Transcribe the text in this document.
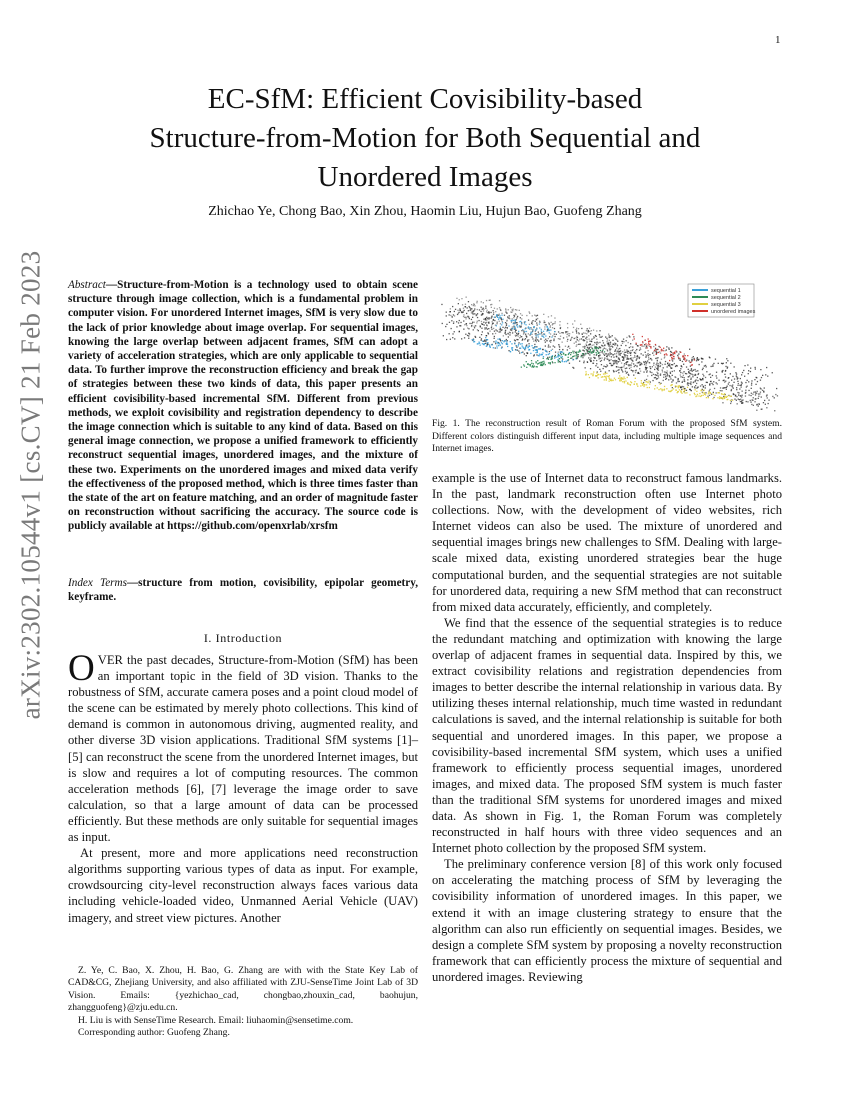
1
arXiv:2302.10544v1 [cs.CV] 21 Feb 2023
EC-SfM: Efficient Covisibility-based
Structure-from-Motion for Both Sequential and
Unordered Images
Zhichao Ye, Chong Bao, Xin Zhou, Haomin Liu, Hujun Bao, Guofeng Zhang
Abstract—Structure-from-Motion is a technology used to obtain scene structure through image collection, which is a fundamental problem in computer vision. For unordered Internet images, SfM is very slow due to the lack of prior knowledge about image overlap. For sequential images, knowing the large overlap between adjacent frames, SfM can adopt a variety of acceleration strategies, which are only applicable to sequential data. To further improve the reconstruction efficiency and break the gap of strategies between these two kinds of data, this paper presents an efficient covisibility-based incremental SfM. Different from previous methods, we exploit covisibility and registration dependency to describe the image connection which is suitable to any kind of data. Based on this general image connection, we propose a unified framework to efficiently reconstruct sequential images, unordered images, and the mixture of these two. Experiments on the unordered images and mixed data verify the effectiveness of the proposed method, which is three times faster than the state of the art on feature matching, and an order of magnitude faster on reconstruction without sacrificing the accuracy. The source code is publicly available at https://github.com/openxrlab/xrsfm
Index Terms—structure from motion, covisibility, epipolar geometry, keyframe.
I. Introduction

OVER the past decades, Structure-from-Motion (SfM) has been an important topic in the field of 3D vision. Thanks to the robustness of SfM, accurate camera poses and a point cloud model of the scene can be estimated by merely photo collections. This kind of demand is common in autonomous driving, augmented reality, and other diverse 3D vision applications. Traditional SfM systems [1]–[5] can reconstruct the scene from the unordered Internet images, but is slow and requires a lot of computing resources. The common acceleration methods [6], [7] leverage the image order to save calculation, so that a large amount of data can be processed efficiently. But these methods are only suitable for sequential images as input.

At present, more and more applications need reconstruction algorithms supporting various types of data as input. For example, crowdsourcing city-level reconstruction always faces various data including vehicle-loaded video, Unmanned Aerial Vehicle (UAV) imagery, and street view pictures. Another

Z. Ye, C. Bao, X. Zhou, H. Bao, G. Zhang are with with the State Key Lab of CAD&CG, Zhejiang University, and also affiliated with ZJU-SenseTime Joint Lab of 3D Vision. Emails: {yezhichao_cad, chongbao,zhouxin_cad, baohujun, zhangguofeng}@zju.edu.cn.

H. Liu is with SenseTime Research. Email: liuhaomin@sensetime.com.

Corresponding author: Guofeng Zhang.

sequential 1
sequential 2
sequential 3
unordered images
Fig. 1. The reconstruction result of Roman Forum with the proposed SfM system. Different colors distinguish different input data, including multiple image sequences and Internet images.

example is the use of Internet data to reconstruct famous landmarks. In the past, landmark reconstruction often use Internet photo collections. Now, with the development of video websites, rich Internet videos can also be used. The mixture of unordered and sequential images brings new challenges to SfM. Dealing with large-scale mixed data, existing unordered strategies bear the huge computational burden, and the sequential strategies are not suitable for unordered data, requiring a new SfM method that can reconstruct from mixed data accurately, efficiently, and completely.

We find that the essence of the sequential strategies is to reduce the redundant matching and optimization with knowing the large overlap of adjacent frames in sequential data. Inspired by this, we extract covisibility relations and registration dependencies from images to better describe the internal relationship in various data. By utilizing theses internal relationship, much time wasted in redundant calculations is saved, and the internal relationship is suitable for both sequential and unordered images. In this paper, we propose a covisibility-based incremental SfM system, which uses a unified framework to efficiently process sequential images, unordered images, and mixed data. The proposed SfM system is much faster than the traditional SfM systems for unordered images and mixed data. As shown in Fig. 1, the Roman Forum was completely reconstructed in half hours with three video sequences and an Internet photo collection by the proposed SfM system.

The preliminary conference version [8] of this work only focused on accelerating the matching process of SfM by leveraging the covisibility information of unordered images. In this paper, we extend it with an image clustering strategy to ensure that the algorithm can also run efficiently on sequential images. Besides, we design a complete SfM system by proposing a novelty reconstruction framework that can efficiently process the mixture of sequential and unordered images. Reviewing
